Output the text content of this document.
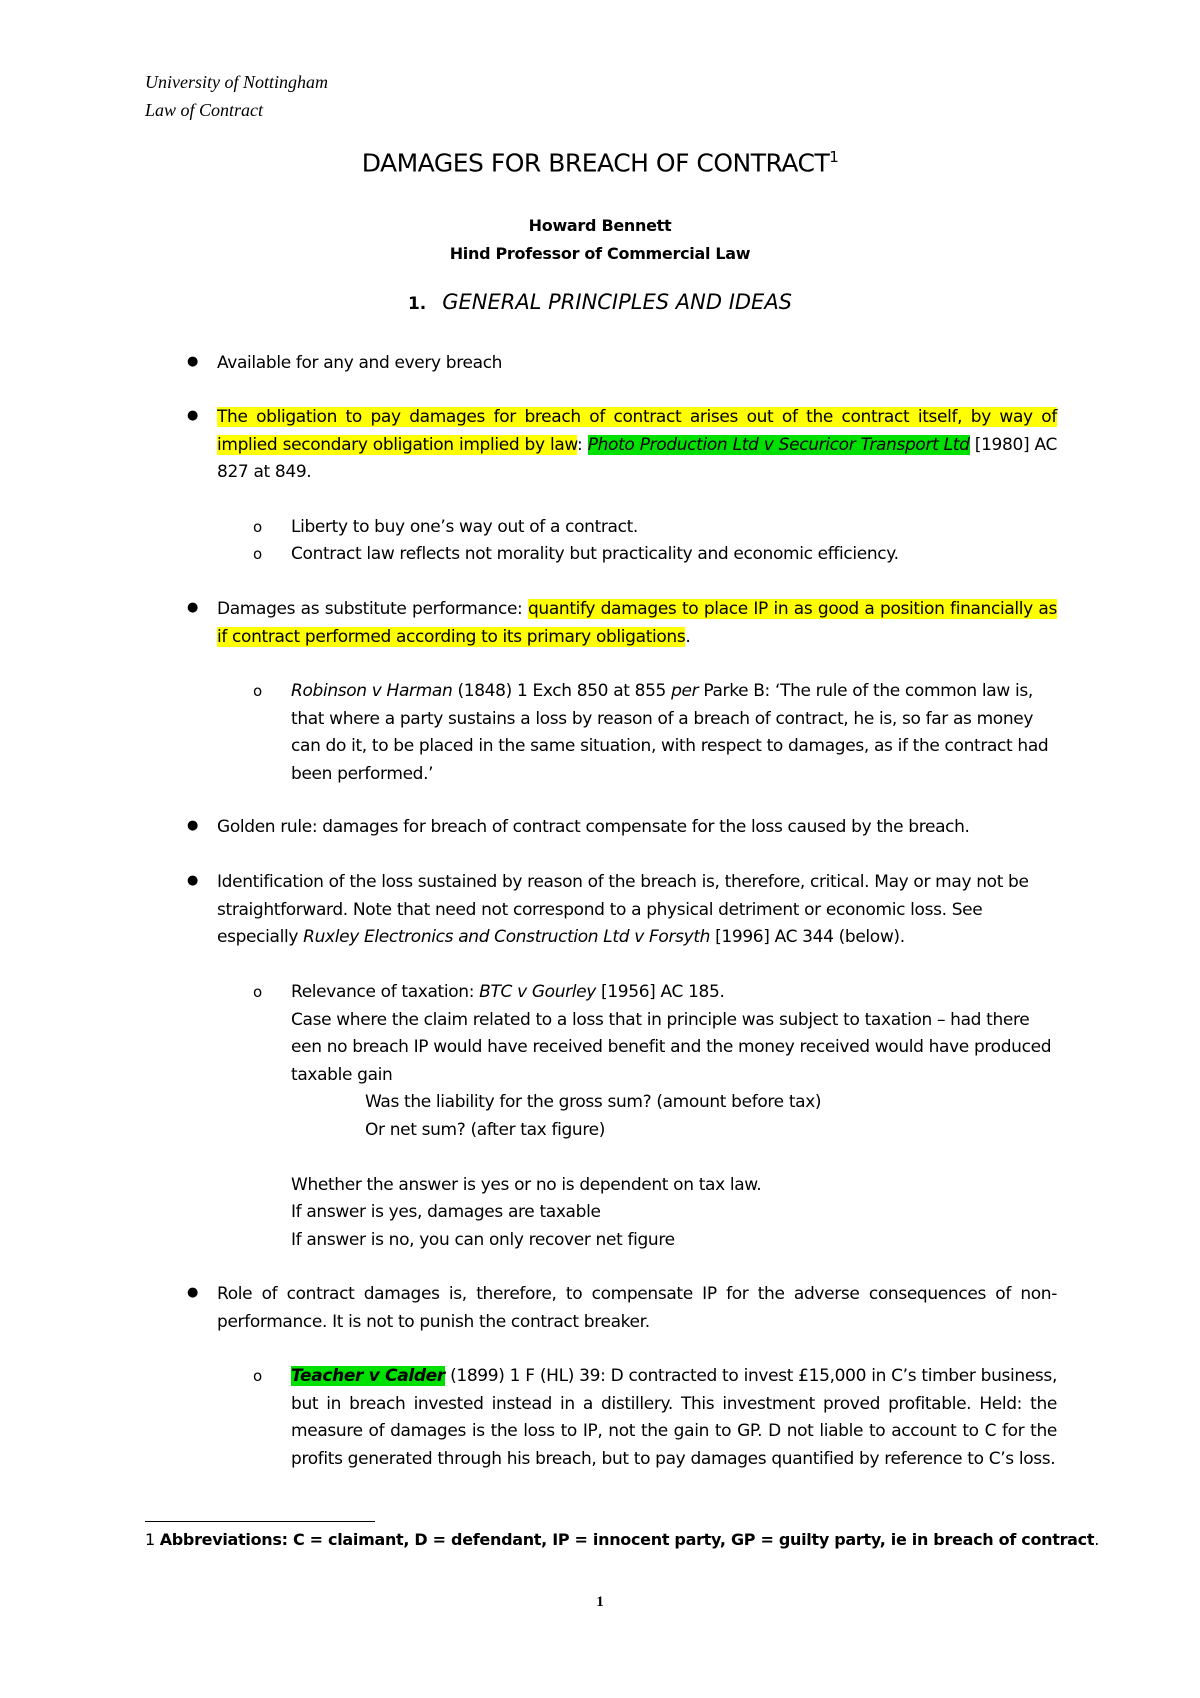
University of Nottingham
Law of Contract
DAMAGES FOR BREACH OF CONTRACT$^1$
Howard Bennett
Hind Professor of Commercial Law
1. GENERAL PRINCIPLES AND IDEAS
● Available for any and every breach
● The obligation to pay damages for breach of contract arises out of the contract itself, by way of implied secondary obligation implied by law: Photo Production Ltd v Securicor Transport Ltd [1980] AC 827 at 849.
o Liberty to buy one’s way out of a contract.
o Contract law reflects not morality but practicality and economic efficiency.
● Damages as substitute performance: quantify damages to place IP in as good a position financially as if contract performed according to its primary obligations.
o Robinson v Harman (1848) 1 Exch 850 at 855 per Parke B: ‘The rule of the common law is, that where a party sustains a loss by reason of a breach of contract, he is, so far as money can do it, to be placed in the same situation, with respect to damages, as if the contract had been performed.’
● Golden rule: damages for breach of contract compensate for the loss caused by the breach.
● Identification of the loss sustained by reason of the breach is, therefore, critical. May or may not be straightforward. Note that need not correspond to a physical detriment or economic loss. See especially Ruxley Electronics and Construction Ltd v Forsyth [1996] AC 344 (below).
o Relevance of taxation: BTC v Gourley [1956] AC 185.
Case where the claim related to a loss that in principle was subject to taxation – had there een no breach IP would have received benefit and the money received would have produced taxable gain
Was the liability for the gross sum? (amount before tax)
Or net sum? (after tax figure)
Whether the answer is yes or no is dependent on tax law.
If answer is yes, damages are taxable
If answer is no, you can only recover net figure
● Role of contract damages is, therefore, to compensate IP for the adverse consequences of non-performance. It is not to punish the contract breaker.
o Teacher v Calder (1899) 1 F (HL) 39: D contracted to invest £15,000 in C’s timber business, but in breach invested instead in a distillery. This investment proved profitable. Held: the measure of damages is the loss to IP, not the gain to GP. D not liable to account to C for the profits generated through his breach, but to pay damages quantified by reference to C’s loss.
1 Abbreviations: C = claimant, D = defendant, IP = innocent party, GP = guilty party, ie in breach of contract.
1
